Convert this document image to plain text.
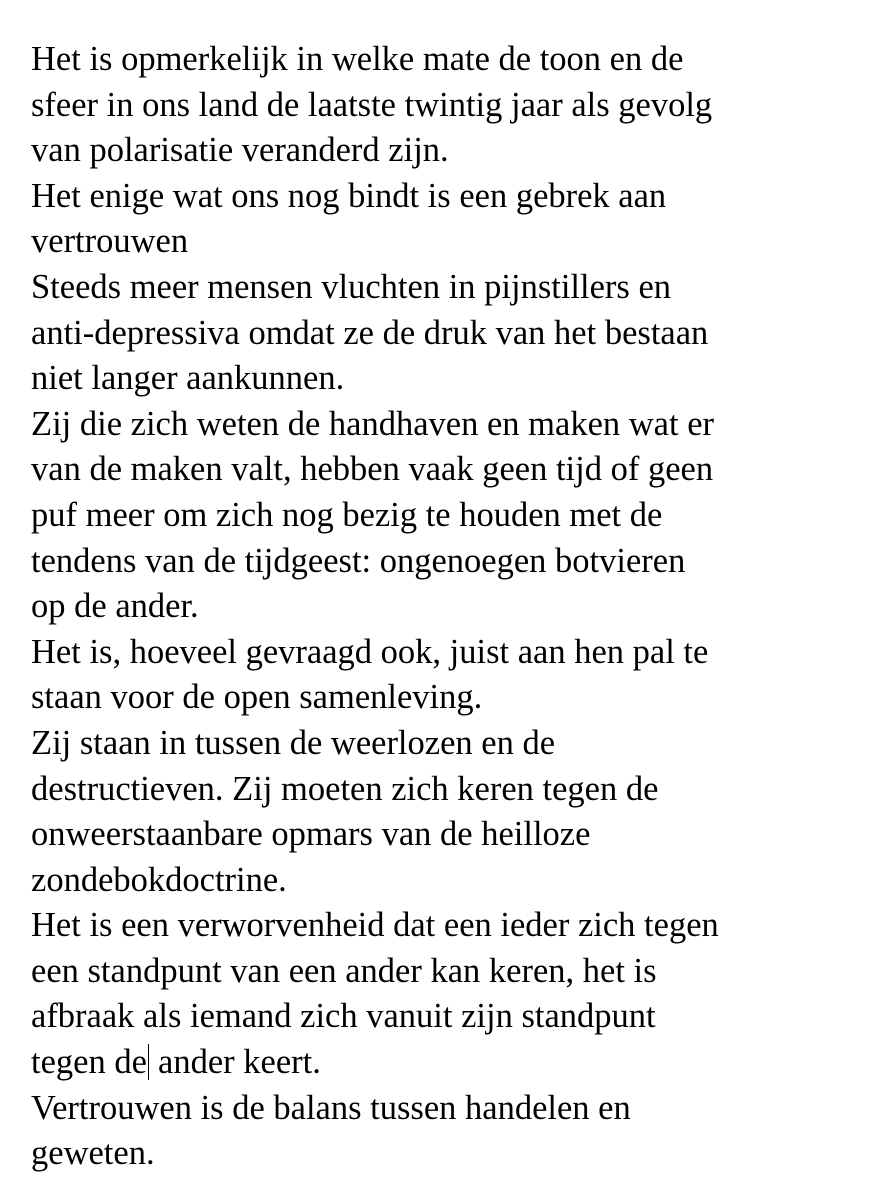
Het is opmerkelijk in welke mate de toon en de
sfeer in ons land de laatste twintig jaar als gevolg
van polarisatie veranderd zijn.
Het enige wat ons nog bindt is een gebrek aan
vertrouwen
Steeds meer mensen vluchten in pijnstillers en
anti-depressiva omdat ze de druk van het bestaan
niet langer aankunnen.
Zij die zich weten de handhaven en maken wat er
van de maken valt, hebben vaak geen tijd of geen
puf meer om zich nog bezig te houden met de
tendens van de tijdgeest: ongenoegen botvieren
op de ander.
Het is, hoeveel gevraagd ook, juist aan hen pal te
staan voor de open samenleving.
Zij staan in tussen de weerlozen en de
destructieven. Zij moeten zich keren tegen de
onweerstaanbare opmars van de heilloze
zondebokdoctrine.
Het is een verworvenheid dat een ieder zich tegen
een standpunt van een ander kan keren, het is
afbraak als iemand zich vanuit zijn standpunt
tegen de ander keert.
Vertrouwen is de balans tussen handelen en
geweten.
